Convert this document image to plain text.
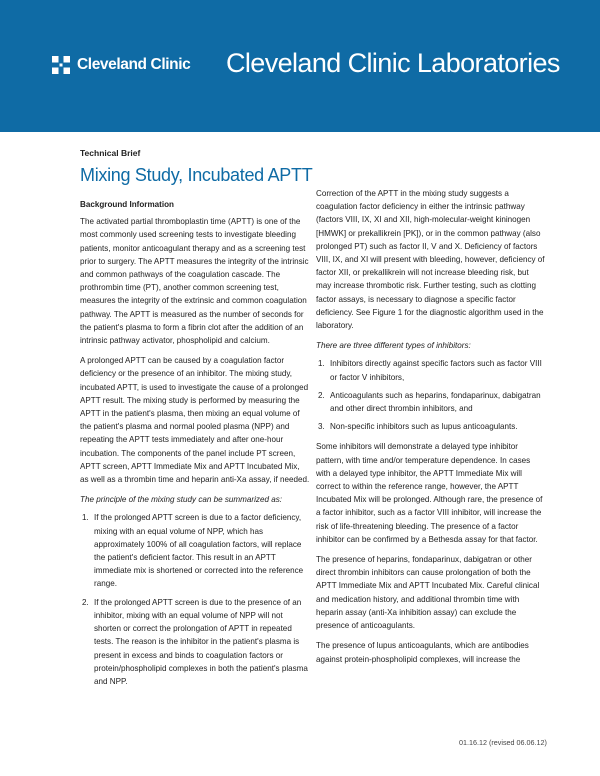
Cleveland Clinic Cleveland Clinic Laboratories
Technical Brief
Mixing Study, Incubated APTT
Background Information

The activated partial thromboplastin time (APTT) is one of the most commonly used screening tests to investigate bleeding patients, monitor anticoagulant therapy and as a screening test prior to surgery. The APTT measures the integrity of the intrinsic and common pathways of the coagulation cascade. The prothrombin time (PT), another common screening test, measures the integrity of the extrinsic and common coagulation pathway. The APTT is measured as the number of seconds for the patient's plasma to form a fibrin clot after the addition of an intrinsic pathway activator, phospholipid and calcium.

A prolonged APTT can be caused by a coagulation factor deficiency or the presence of an inhibitor. The mixing study, incubated APTT, is used to investigate the cause of a prolonged APTT result. The mixing study is performed by measuring the APTT in the patient's plasma, then mixing an equal volume of the patient's plasma and normal pooled plasma (NPP) and repeating the APTT tests immediately and after one-hour incubation. The components of the panel include PT screen, APTT screen, APTT Immediate Mix and APTT Incubated Mix, as well as a thrombin time and heparin anti-Xa assay, if needed.

The principle of the mixing study can be summarized as:
1. If the prolonged APTT screen is due to a factor deficiency, mixing with an equal volume of NPP, which has approximately 100% of all coagulation factors, will replace the patient's deficient factor. This result in an APTT immediate mix is shortened or corrected into the reference range.
2. If the prolonged APTT screen is due to the presence of an inhibitor, mixing with an equal volume of NPP will not shorten or correct the prolongation of APTT in repeated tests. The reason is the inhibitor in the patient's plasma is present in excess and binds to coagulation factors or protein/phospholipid complexes in both the patient's plasma and NPP.

Correction of the APTT in the mixing study suggests a coagulation factor deficiency in either the intrinsic pathway (factors VIII, IX, XI and XII, high-molecular-weight kininogen [HMWK] or prekallikrein [PK]), or in the common pathway (also prolonged PT) such as factor II, V and X. Deficiency of factors VIII, IX, and XI will present with bleeding, however, deficiency of factor XII, or prekallikrein will not increase bleeding risk, but may increase thrombotic risk. Further testing, such as clotting factor assays, is necessary to diagnose a specific factor deficiency. See Figure 1 for the diagnostic algorithm used in the laboratory.

There are three different types of inhibitors:
1. Inhibitors directly against specific factors such as factor VIII or factor V inhibitors,
2. Anticoagulants such as heparins, fondaparinux, dabigatran and other direct thrombin inhibitors, and
3. Non-specific inhibitors such as lupus anticoagulants.

Some inhibitors will demonstrate a delayed type inhibitor pattern, with time and/or temperature dependence. In cases with a delayed type inhibitor, the APTT Immediate Mix will correct to within the reference range, however, the APTT Incubated Mix will be prolonged. Although rare, the presence of a factor inhibitor, such as a factor VIII inhibitor, will increase the risk of life-threatening bleeding. The presence of a factor inhibitor can be confirmed by a Bethesda assay for that factor.

The presence of heparins, fondaparinux, dabigatran or other direct thrombin inhibitors can cause prolongation of both the APTT Immediate Mix and APTT Incubated Mix. Careful clinical and medication history, and additional thrombin time with heparin assay (anti-Xa inhibition assay) can exclude the presence of anticoagulants.

The presence of lupus anticoagulants, which are antibodies against protein-phospholipid complexes, will increase the

01.16.12 (revised 06.06.12)
